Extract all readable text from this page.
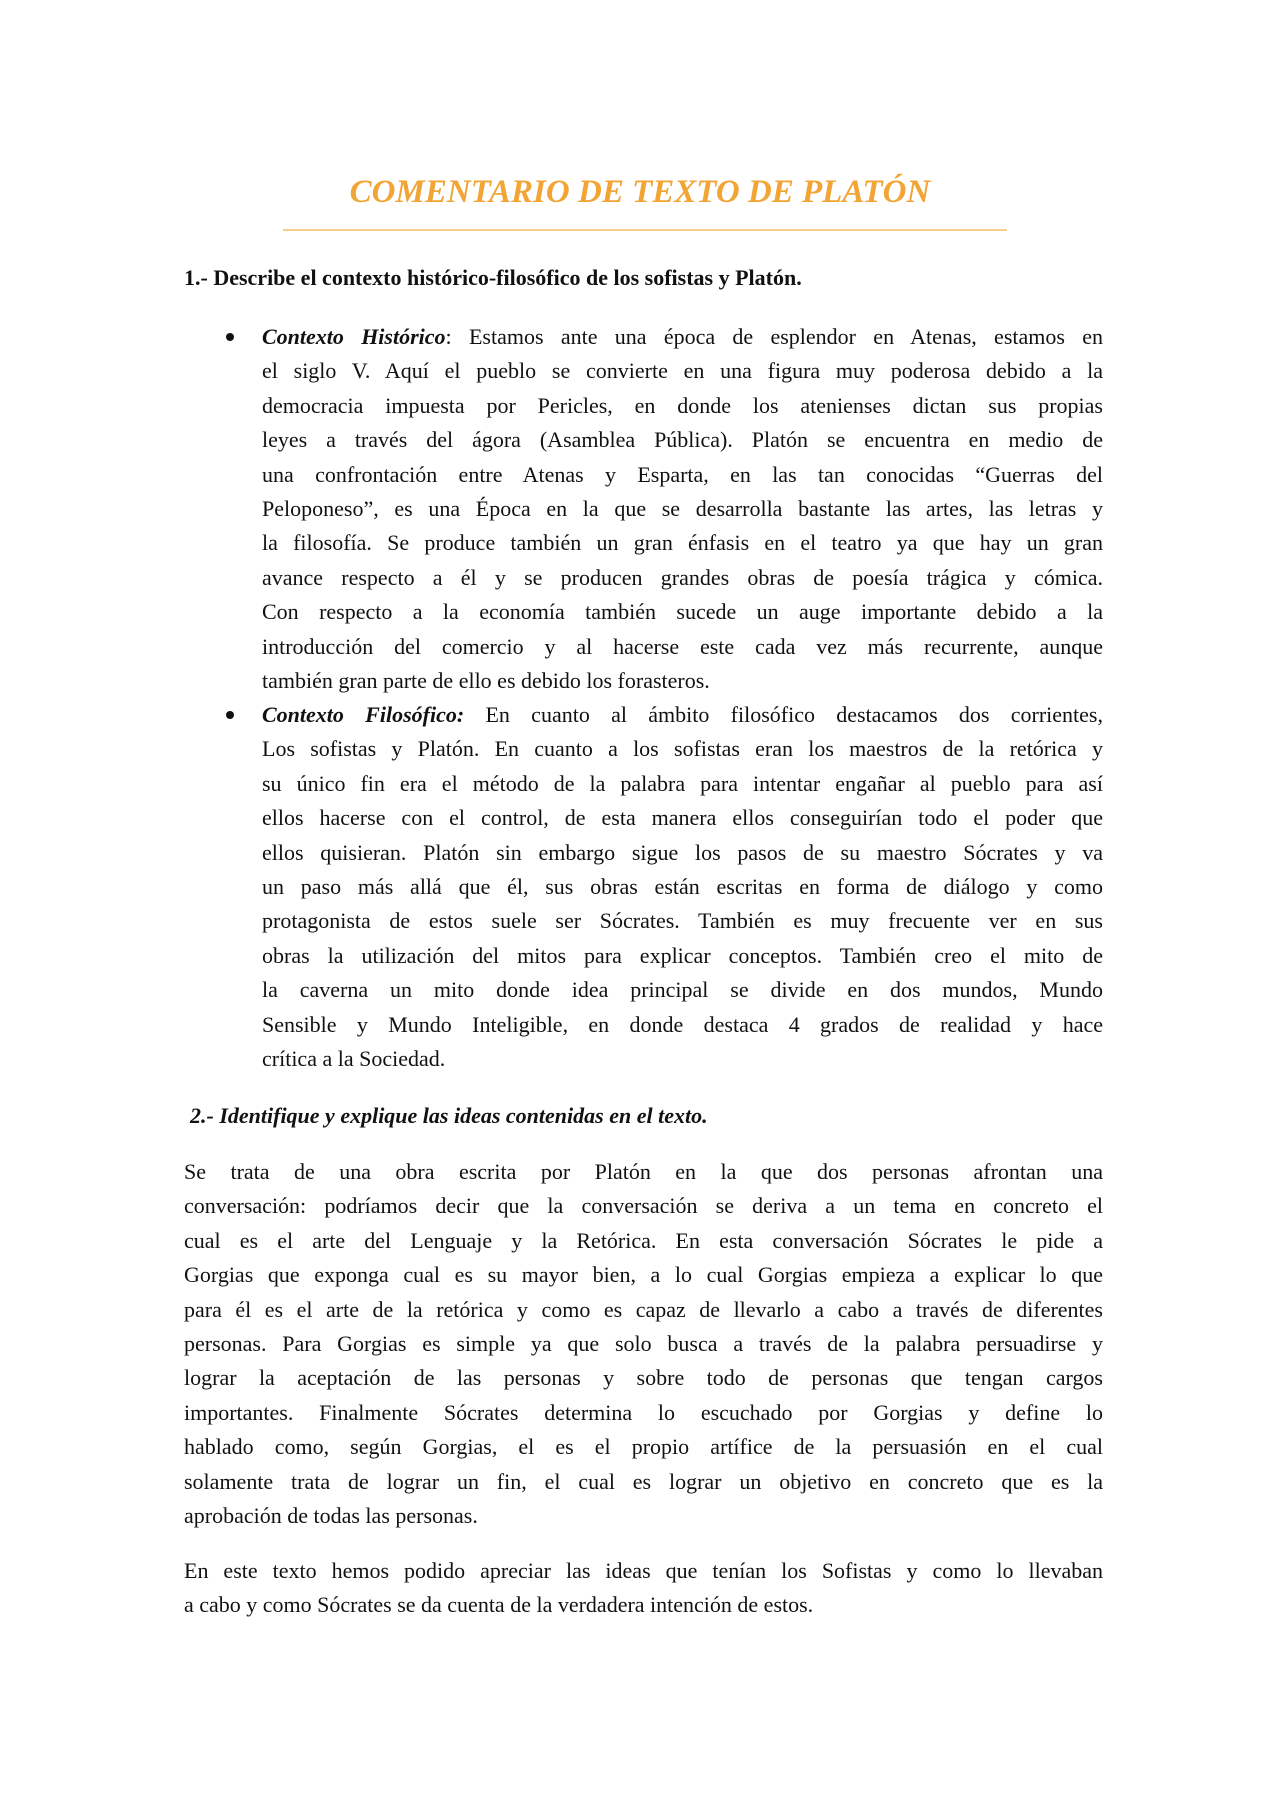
COMENTARIO DE TEXTO DE PLATÓN
1.- Describe el contexto histórico-filosófico de los sofistas y Platón.
Contexto Histórico: Estamos ante una época de esplendor en Atenas, estamos en
el siglo V. Aquí el pueblo se convierte en una figura muy poderosa debido a la
democracia impuesta por Pericles, en donde los atenienses dictan sus propias
leyes a través del ágora (Asamblea Pública). Platón se encuentra en medio de
una confrontación entre Atenas y Esparta, en las tan conocidas “Guerras del
Peloponeso”, es una Época en la que se desarrolla bastante las artes, las letras y
la filosofía. Se produce también un gran énfasis en el teatro ya que hay un gran
avance respecto a él y se producen grandes obras de poesía trágica y cómica.
Con respecto a la economía también sucede un auge importante debido a la
introducción del comercio y al hacerse este cada vez más recurrente, aunque
también gran parte de ello es debido los forasteros.
Contexto Filosófico: En cuanto al ámbito filosófico destacamos dos corrientes,
Los sofistas y Platón. En cuanto a los sofistas eran los maestros de la retórica y
su único fin era el método de la palabra para intentar engañar al pueblo para así
ellos hacerse con el control, de esta manera ellos conseguirían todo el poder que
ellos quisieran. Platón sin embargo sigue los pasos de su maestro Sócrates y va
un paso más allá que él, sus obras están escritas en forma de diálogo y como
protagonista de estos suele ser Sócrates. También es muy frecuente ver en sus
obras la utilización del mitos para explicar conceptos. También creo el mito de
la caverna un mito donde idea principal se divide en dos mundos, Mundo
Sensible y Mundo Inteligible, en donde destaca 4 grados de realidad y hace
crítica a la Sociedad.
2.- Identifique y explique las ideas contenidas en el texto.
Se trata de una obra escrita por Platón en la que dos personas afrontan una
conversación: podríamos decir que la conversación se deriva a un tema en concreto el
cual es el arte del Lenguaje y la Retórica. En esta conversación Sócrates le pide a
Gorgias que exponga cual es su mayor bien, a lo cual Gorgias empieza a explicar lo que
para él es el arte de la retórica y como es capaz de llevarlo a cabo a través de diferentes
personas. Para Gorgias es simple ya que solo busca a través de la palabra persuadirse y
lograr la aceptación de las personas y sobre todo de personas que tengan cargos
importantes. Finalmente Sócrates determina lo escuchado por Gorgias y define lo
hablado como, según Gorgias, el es el propio artífice de la persuasión en el cual
solamente trata de lograr un fin, el cual es lograr un objetivo en concreto que es la
aprobación de todas las personas.
En este texto hemos podido apreciar las ideas que tenían los Sofistas y como lo llevaban
a cabo y como Sócrates se da cuenta de la verdadera intención de estos.
